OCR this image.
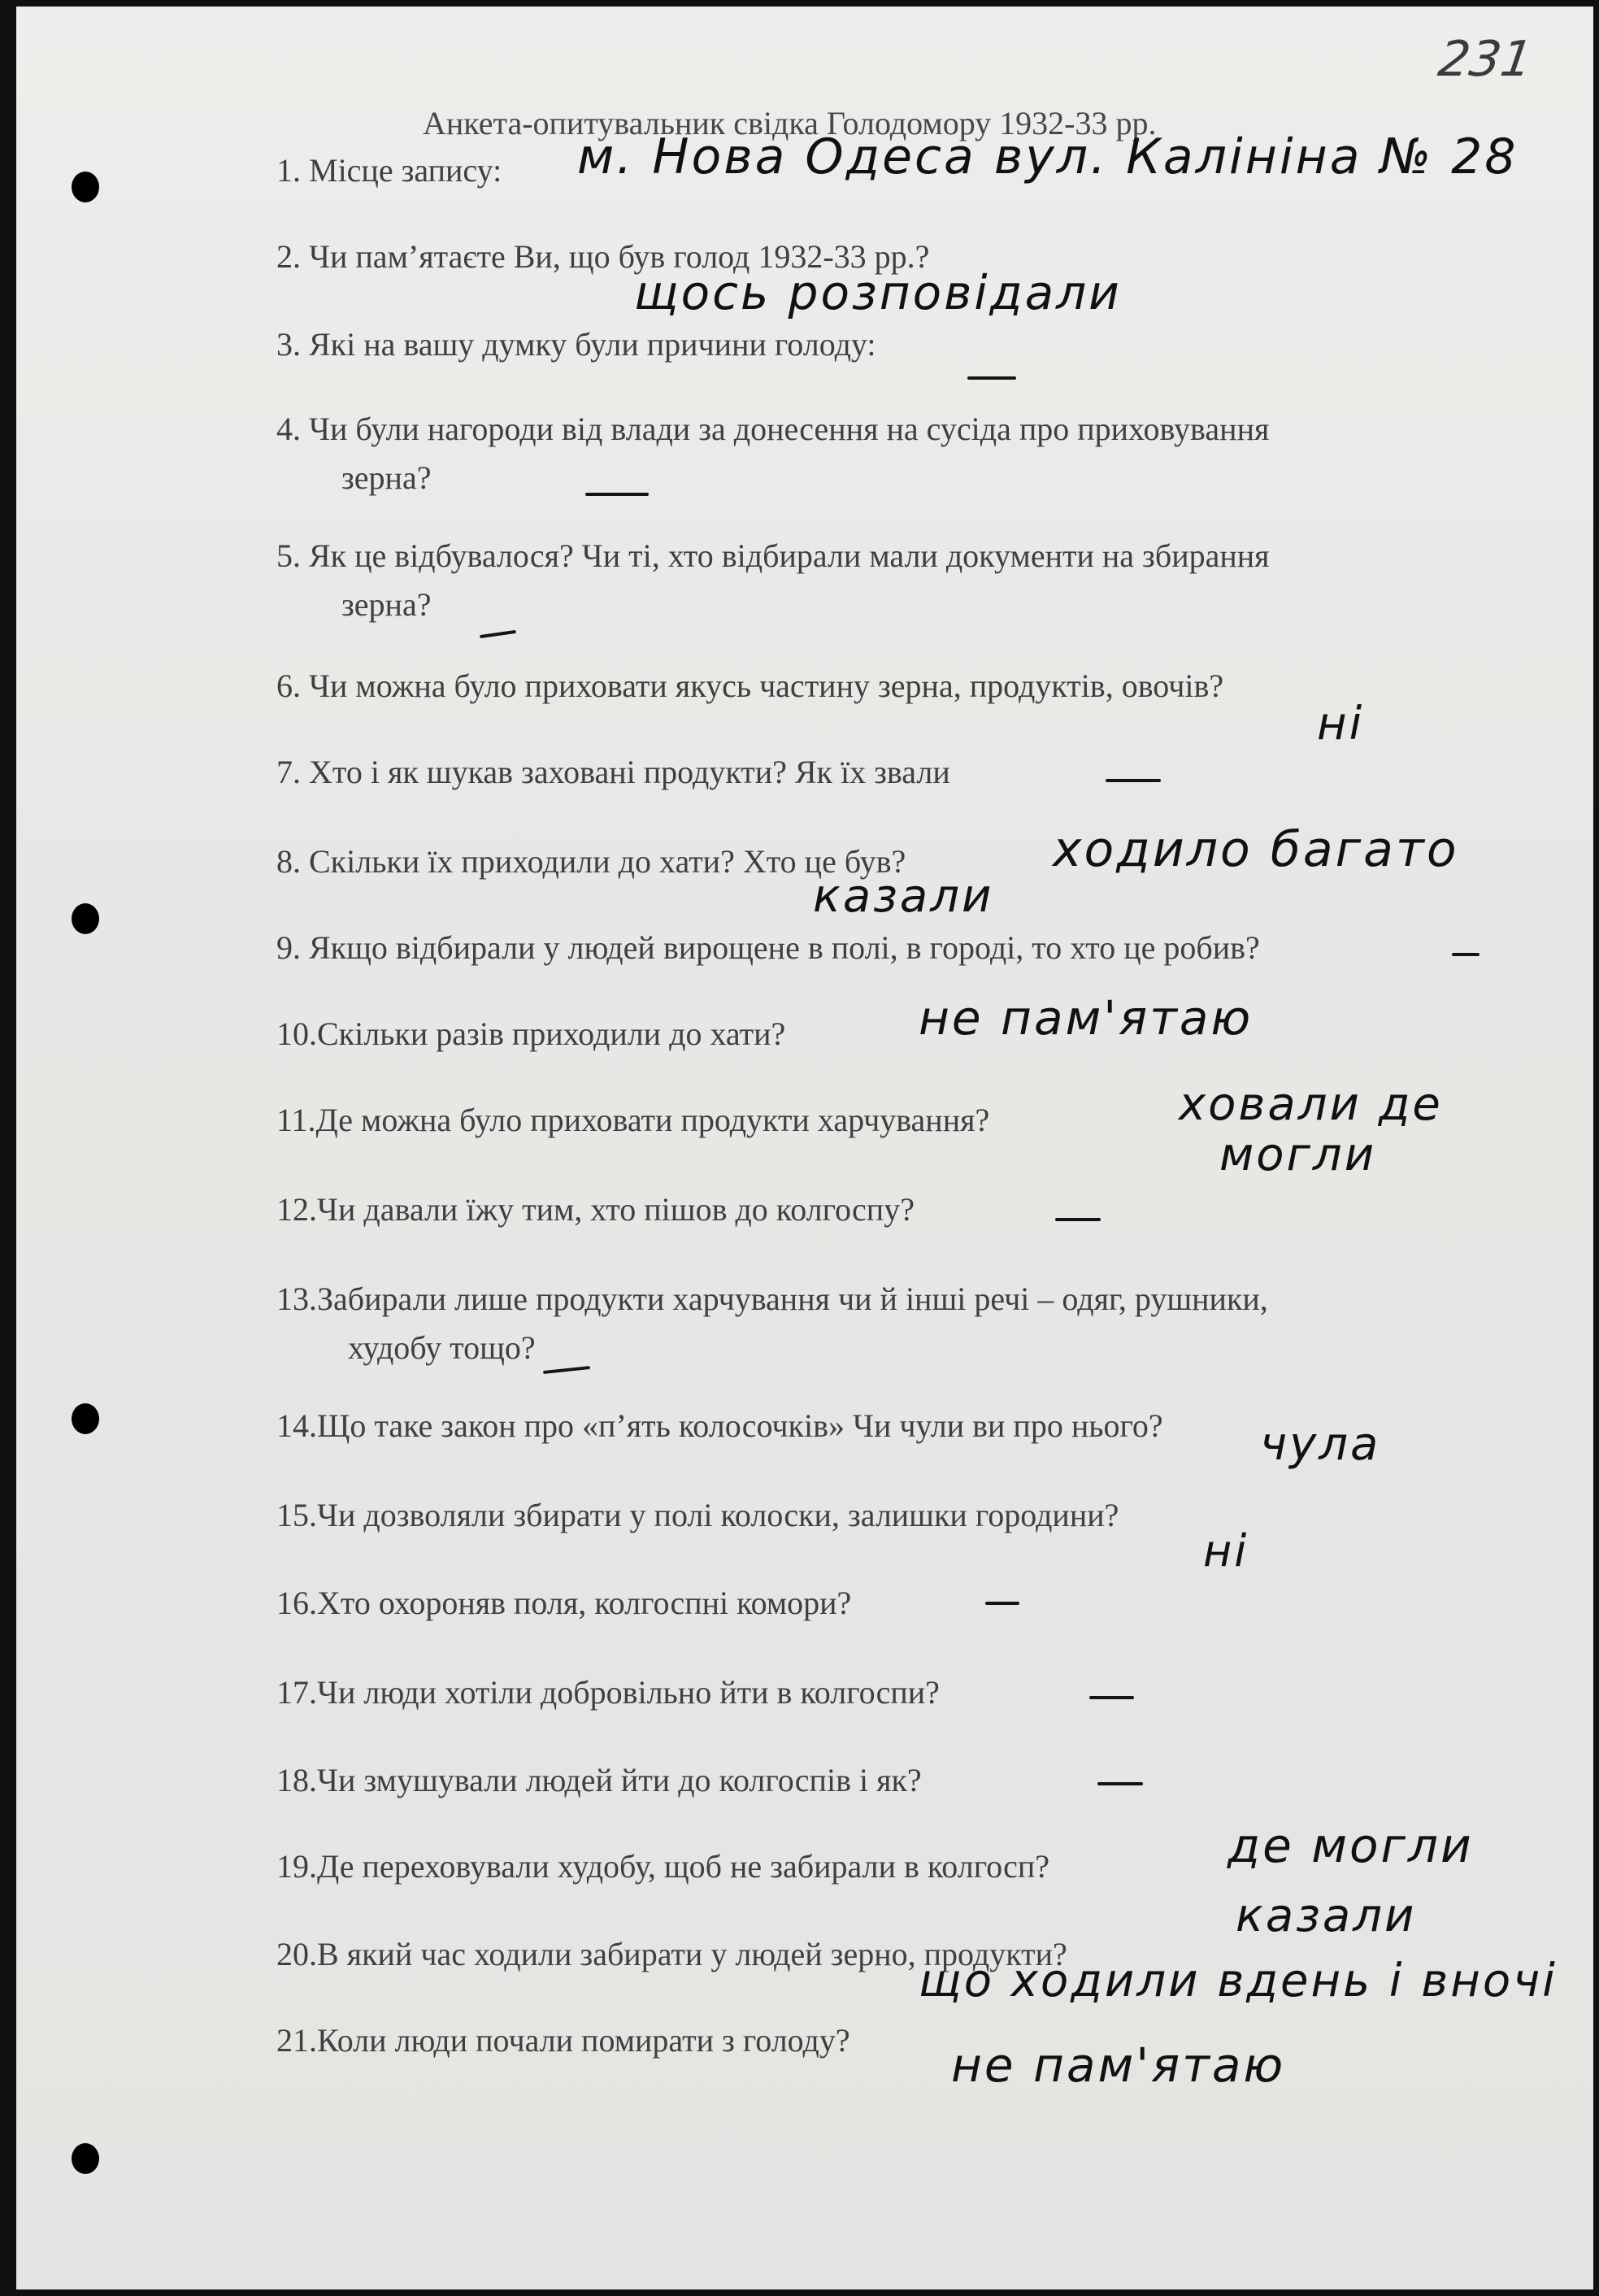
231
Анкета-опитувальник свідка Голодомору 1932-33 рр.
1. Місце запису:
2. Чи пам’ятаєте Ви, що був голод 1932-33 рр.?
3. Які на вашу думку були причини голоду:
4. Чи були нагороди від влади за донесення на сусіда про приховування
зерна?
5. Як це відбувалося? Чи ті, хто відбирали мали документи на збирання
зерна?
6. Чи можна було приховати якусь частину зерна, продуктів, овочів?
7. Хто і як шукав заховані продукти? Як їх звали
8. Скільки їх приходили до хати? Хто це був?
9. Якщо відбирали у людей вирощене в полі, в городі, то хто це робив?
10.Скільки разів приходили до хати?
11.Де можна було приховати продукти харчування?
12.Чи давали їжу тим, хто пішов до колгоспу?
13.Забирали лише продукти харчування чи й інші речі – одяг, рушники,
худобу тощо?
14.Що таке закон про «п’ять колосочків» Чи чули ви про нього?
15.Чи дозволяли збирати у полі колоски, залишки городини?
16.Хто охороняв поля, колгоспні комори?
17.Чи люди хотіли добровільно йти в колгоспи?
18.Чи змушували людей йти до колгоспів і як?
19.Де переховували худобу, щоб не забирали в колгосп?
20.В який час ходили забирати у людей зерно, продукти?
21.Коли люди почали помирати з голоду?
м. Нова Одеса вул. Калініна № 28
щось розповідали
ні
ходило багато
казали
не пам'ятаю
ховали де
могли
чула
ні
де могли
казали
що ходили вдень і вночі
не пам'ятаю
